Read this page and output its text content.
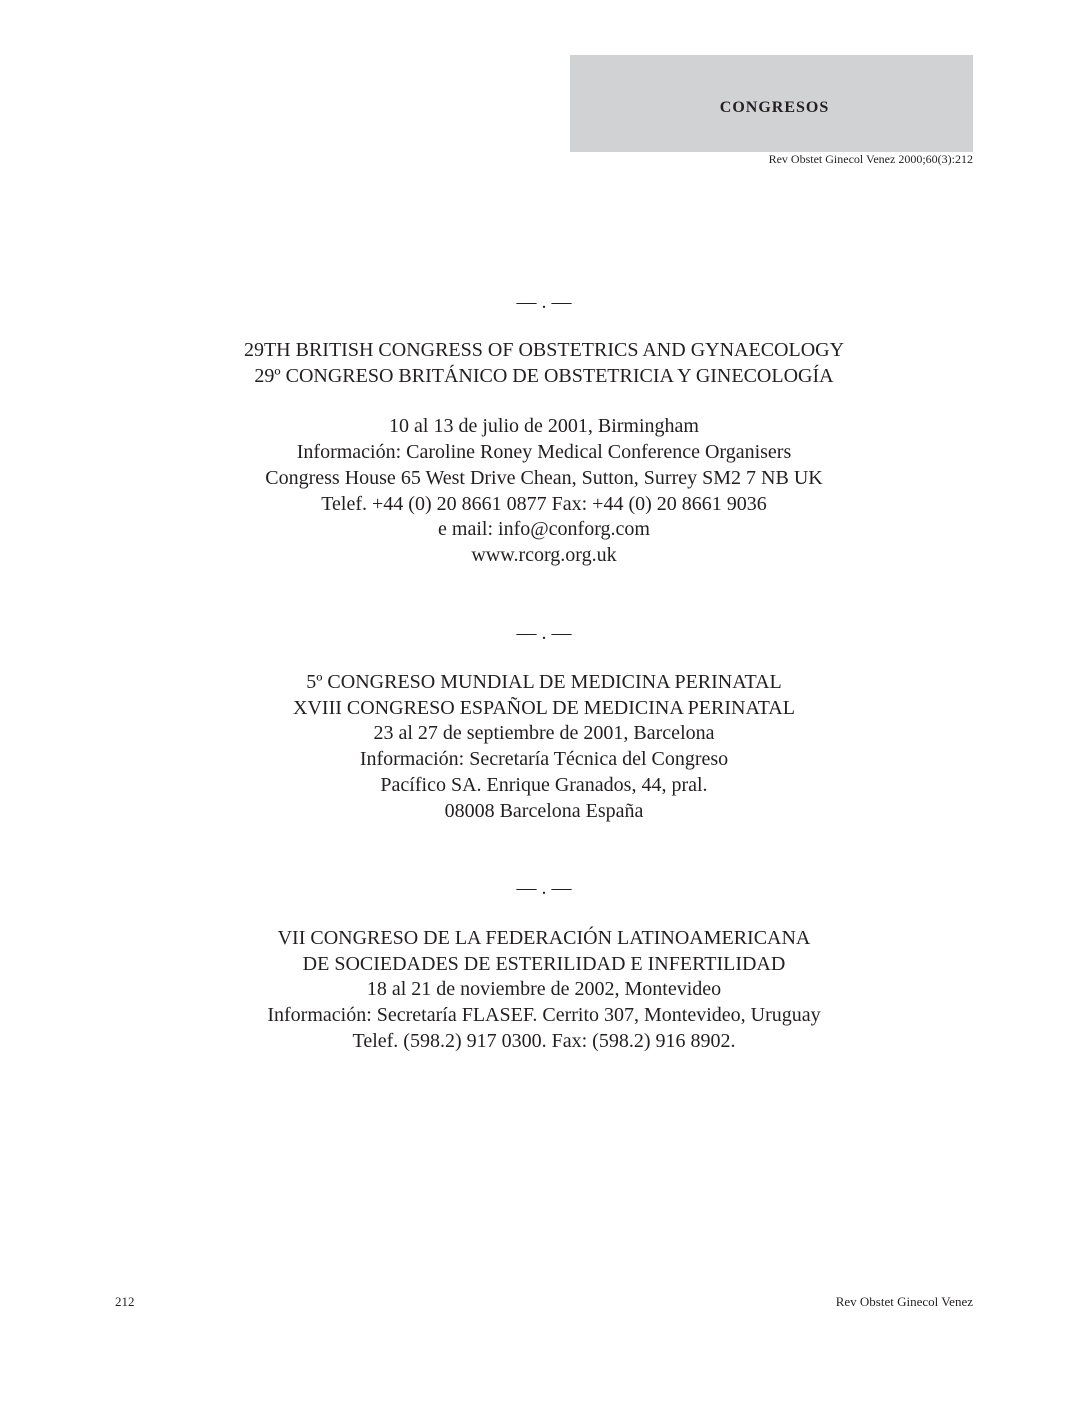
CONGRESOS
Rev Obstet Ginecol Venez 2000;60(3):212
— . —
29TH BRITISH CONGRESS OF OBSTETRICS AND GYNAECOLOGY
29º CONGRESO BRITÁNICO DE OBSTETRICIA Y GINECOLOGÍA
10 al 13 de julio de 2001, Birmingham
Información: Caroline Roney Medical Conference Organisers
Congress House 65 West Drive Chean, Sutton, Surrey SM2 7 NB UK
Telef. +44 (0) 20 8661 0877 Fax: +44 (0) 20 8661 9036
e mail: info@conforg.com
www.rcorg.org.uk
— . —
5º CONGRESO MUNDIAL DE MEDICINA PERINATAL
XVIII CONGRESO ESPAÑOL DE MEDICINA PERINATAL
23 al 27 de septiembre de 2001, Barcelona
Información: Secretaría Técnica del Congreso
Pacífico SA. Enrique Granados, 44, pral.
08008 Barcelona España
— . —
VII CONGRESO DE LA FEDERACIÓN LATINOAMERICANA
DE SOCIEDADES DE ESTERILIDAD E INFERTILIDAD
18 al 21 de noviembre de 2002, Montevideo
Información: Secretaría FLASEF. Cerrito 307, Montevideo, Uruguay
Telef. (598.2) 917 0300. Fax: (598.2) 916 8902.
212	Rev Obstet Ginecol Venez
